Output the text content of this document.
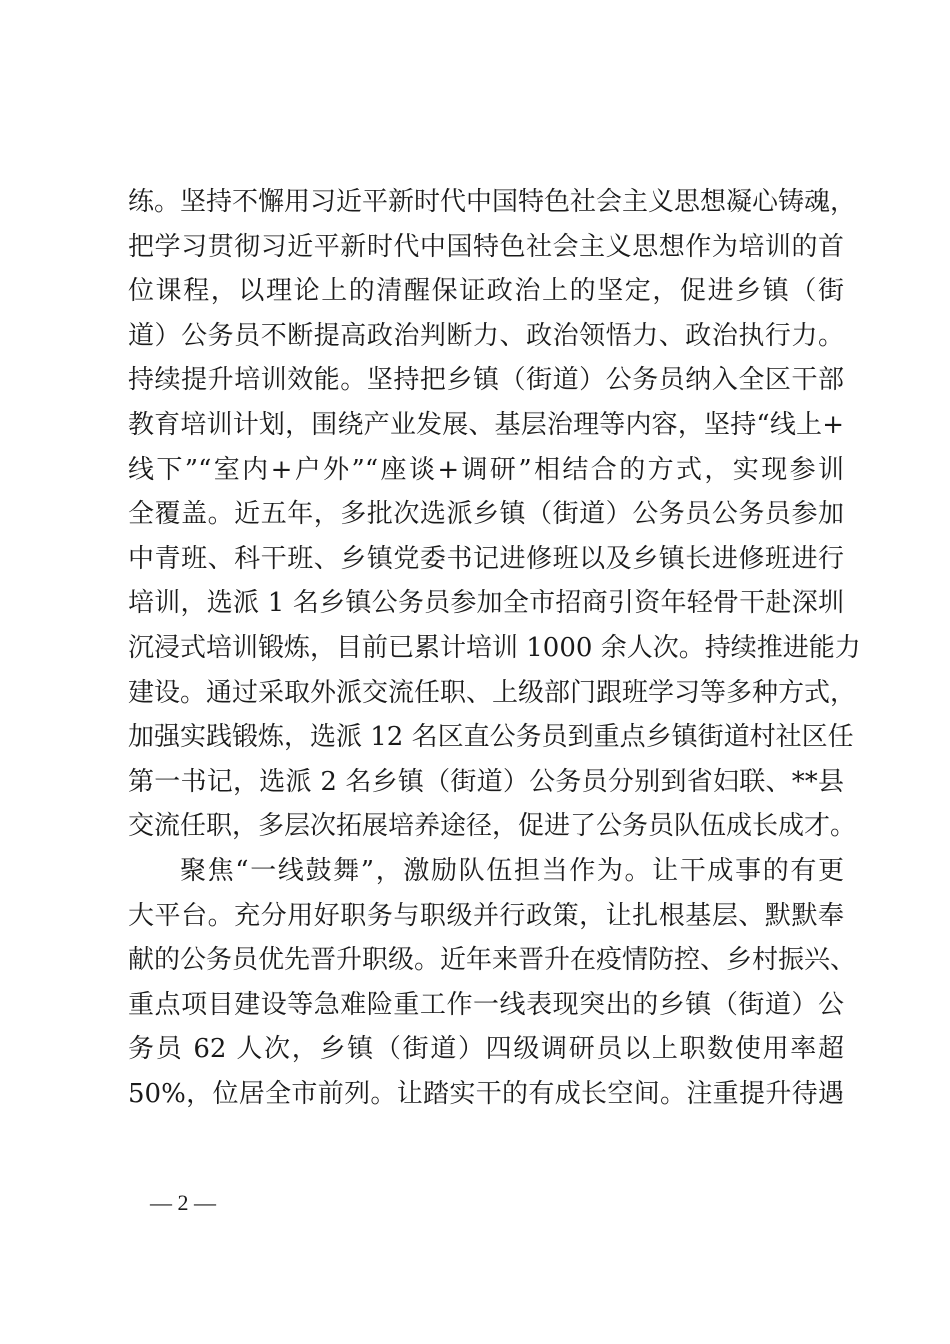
练。坚持不懈用习近平新时代中国特色社会主义思想凝心铸魂，
把学习贯彻习近平新时代中国特色社会主义思想作为培训的首
位课程，以理论上的清醒保证政治上的坚定，促进乡镇（街
道）公务员不断提高政治判断力、政治领悟力、政治执行力。
持续提升培训效能。坚持把乡镇（街道）公务员纳入全区干部
教育培训计划，围绕产业发展、基层治理等内容，坚持“线上+
线下”“室内+户外”“座谈+调研”相结合的方式，实现参训
全覆盖。近五年，多批次选派乡镇（街道）公务员公务员参加
中青班、科干班、乡镇党委书记进修班以及乡镇长进修班进行
培训，选派 1 名乡镇公务员参加全市招商引资年轻骨干赴深圳
沉浸式培训锻炼，目前已累计培训 1000 余人次。持续推进能力
建设。通过采取外派交流任职、上级部门跟班学习等多种方式，
加强实践锻炼，选派 12 名区直公务员到重点乡镇街道村社区任
第一书记，选派 2 名乡镇（街道）公务员分别到省妇联、**县
交流任职，多层次拓展培养途径，促进了公务员队伍成长成才。
聚焦“一线鼓舞”，激励队伍担当作为。让干成事的有更
大平台。充分用好职务与职级并行政策，让扎根基层、默默奉
献的公务员优先晋升职级。近年来晋升在疫情防控、乡村振兴、
重点项目建设等急难险重工作一线表现突出的乡镇（街道）公
务员 62 人次，乡镇（街道）四级调研员以上职数使用率超
50%，位居全市前列。让踏实干的有成长空间。注重提升待遇
— 2 —
